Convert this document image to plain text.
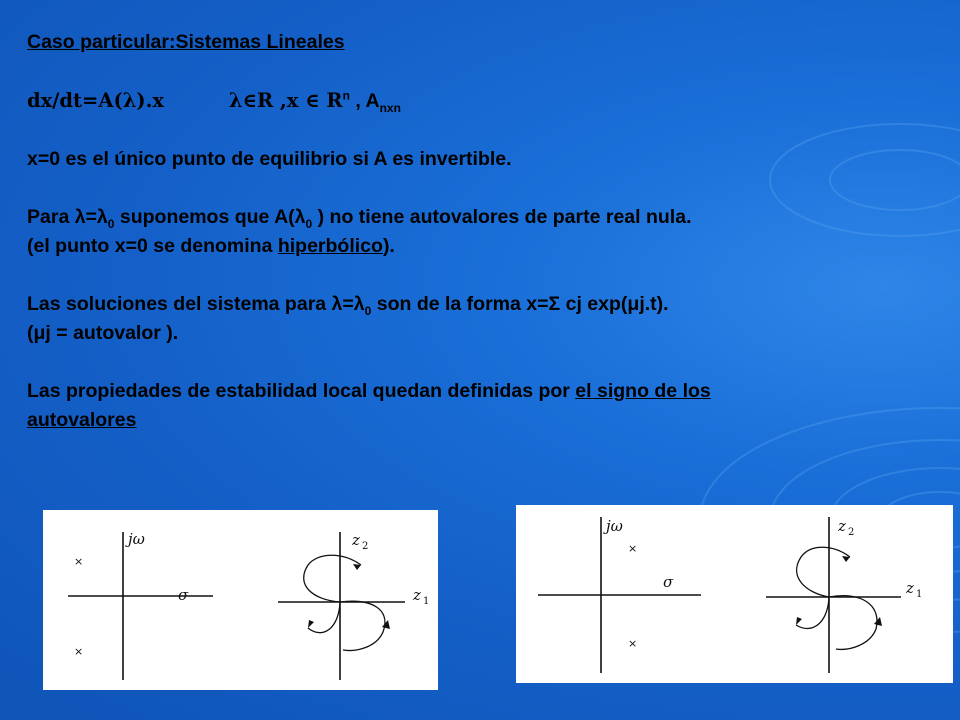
Caso particular:Sistemas Lineales
dx/dt=A(λ).x	λ∈R ,x ∈ $R^n$ , $A_{nxn}$
x=0 es el único punto de equilibrio si A es invertible.
Para $\lambda=\lambda_0$ suponemos que $A(\lambda_0$ ) no tiene autovalores de parte real nula.
(el punto x=0 se denomina hiperbólico).
Las soluciones del sistema para $\lambda=\lambda_0$ son de la forma x=Σ cj exp(μj.t).
(μj = autovalor ).
Las propiedades de estabilidad local quedan definidas por el signo de los
autovalores
jω
σ
×
×
z 2
z 1
jω
σ
×
×
z 2
z 1
